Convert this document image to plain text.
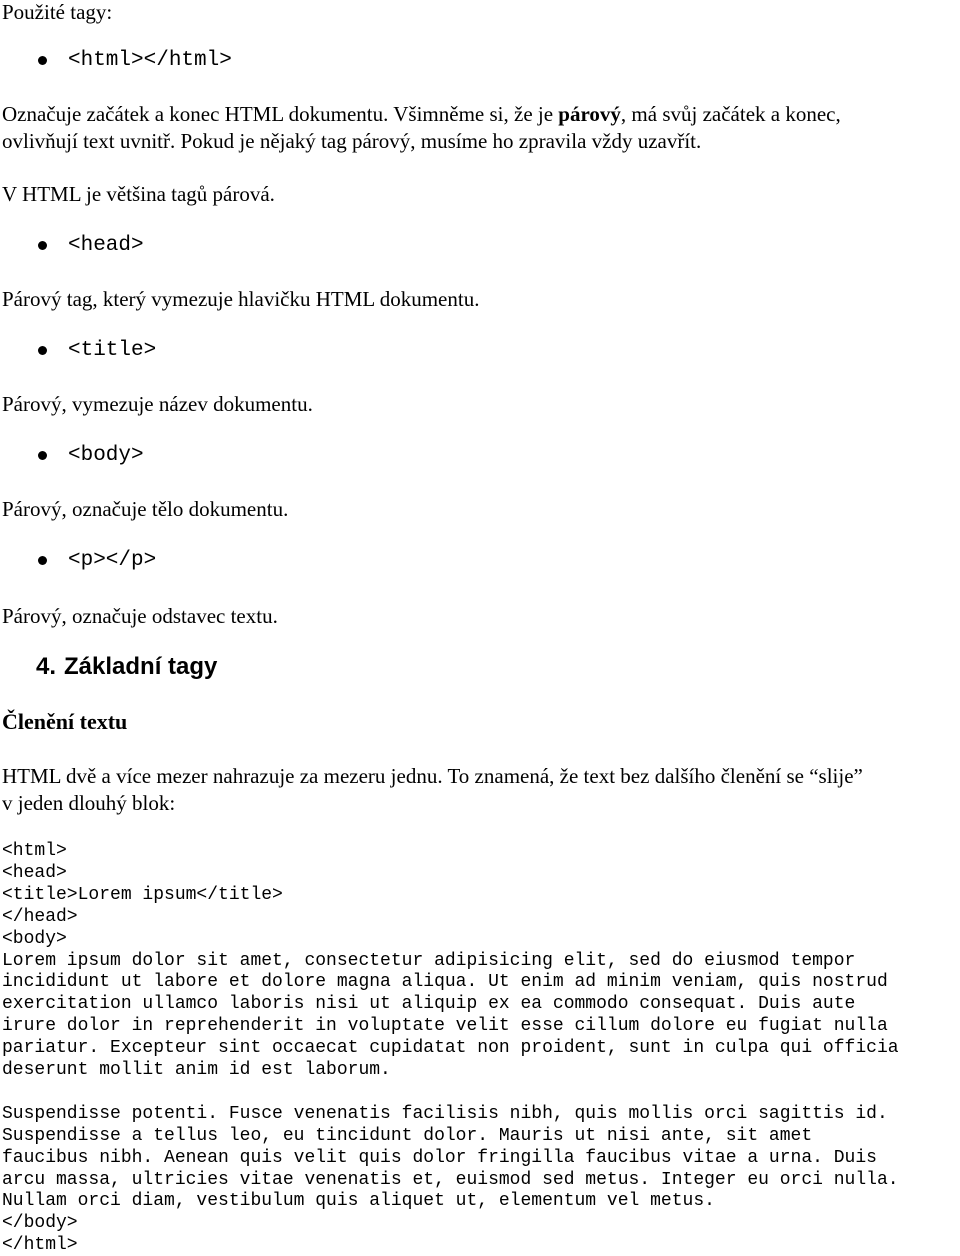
Použité tagy:

<html></html>

Označuje začátek a konec HTML dokumentu. Všimněme si, že je párový, má svůj začátek a konec,

ovlivňují text uvnitř. Pokud je nějaký tag párový, musíme ho zpravila vždy uzavřít.

V HTML je většina tagů párová.

<head>

Párový tag, který vymezuje hlavičku HTML dokumentu.

<title>

Párový, vymezuje název dokumentu.

<body>

Párový, označuje tělo dokumentu.

<p></p>

Párový, označuje odstavec textu.

4. Základní tagy
Členění textu

HTML dvě a více mezer nahrazuje za mezeru jednu. To znamená, že text bez dalšího členění se “slije”

v jeden dlouhý blok:

<html>
<head>
<title>Lorem ipsum</title>
</head>
<body>
Lorem ipsum dolor sit amet, consectetur adipisicing elit, sed do eiusmod tempor
incididunt ut labore et dolore magna aliqua. Ut enim ad minim veniam, quis nostrud
exercitation ullamco laboris nisi ut aliquip ex ea commodo consequat. Duis aute
irure dolor in reprehenderit in voluptate velit esse cillum dolore eu fugiat nulla
pariatur. Excepteur sint occaecat cupidatat non proident, sunt in culpa qui officia
deserunt mollit anim id est laborum.
Suspendisse potenti. Fusce venenatis facilisis nibh, quis mollis orci sagittis id.
Suspendisse a tellus leo, eu tincidunt dolor. Mauris ut nisi ante, sit amet
faucibus nibh. Aenean quis velit quis dolor fringilla faucibus vitae a urna. Duis
arcu massa, ultricies vitae venenatis et, euismod sed metus. Integer eu orci nulla.
Nullam orci diam, vestibulum quis aliquet ut, elementum vel metus.
</body>
</html>
